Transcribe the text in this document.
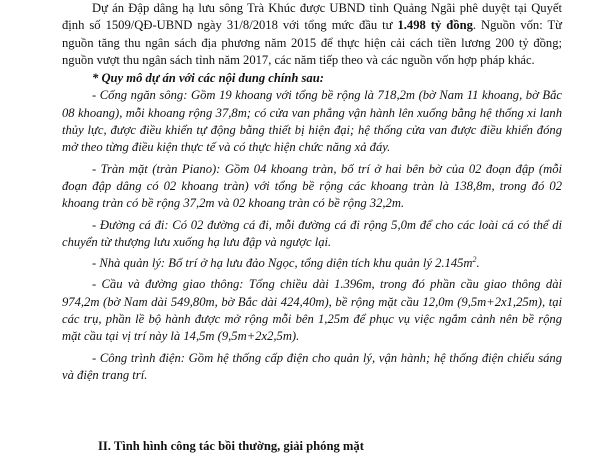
Dự án Đập dâng hạ lưu sông Trà Khúc được UBND tỉnh Quảng Ngãi phê duyệt tại Quyết định số 1509/QĐ-UBND ngày 31/8/2018 với tổng mức đầu tư 1.498 tỷ đồng. Nguồn vốn: Từ nguồn tăng thu ngân sách địa phương năm 2015 để thực hiện cải cách tiền lương 200 tỷ đồng; nguồn vượt thu ngân sách tỉnh năm 2017, các năm tiếp theo và các nguồn vốn hợp pháp khác.

* Quy mô dự án với các nội dung chính sau:

- Cống ngăn sông: Gồm 19 khoang với tổng bề rộng là 718,2m (bờ Nam 11 khoang, bờ Bắc 08 khoang), mỗi khoang rộng 37,8m; có cửa van phẳng vận hành lên xuống bằng hệ thống xi lanh thủy lực, được điều khiển tự động bằng thiết bị hiện đại; hệ thống cửa van được điều khiển đóng mở theo từng điều kiện thực tế và có thực hiện chức năng xả đáy.

- Tràn mặt (tràn Piano): Gồm 04 khoang tràn, bố trí ở hai bên bờ của 02 đoạn đập (mỗi đoạn đập dâng có 02 khoang tràn) với tổng bề rộng các khoang tràn là 138,8m, trong đó 02 khoang tràn có bề rộng 37,2m và 02 khoang tràn có bề rộng 32,2m.

- Đường cá đi: Có 02 đường cá đi, mỗi đường cá đi rộng 5,0m để cho các loài cá có thể di chuyển từ thượng lưu xuống hạ lưu đập và ngược lại.

- Nhà quản lý: Bố trí ở hạ lưu đảo Ngọc, tổng diện tích khu quản lý $2.145m^2$.

- Cầu và đường giao thông: Tổng chiều dài 1.396m, trong đó phần cầu giao thông dài 974,2m (bờ Nam dài 549,80m, bờ Bắc dài 424,40m), bề rộng mặt cầu 12,0m (9,5m+2x1,25m), tại các trụ, phần lề bộ hành được mở rộng mỗi bên 1,25m để phục vụ việc ngắm cảnh nên bề rộng mặt cầu tại vị trí này là 14,5m (9,5m+2x2,5m).

- Công trình điện: Gồm hệ thống cấp điện cho quản lý, vận hành; hệ thống điện chiếu sáng và điện trang trí.

II. Tình hình công tác bồi thường, giải phóng mặt
